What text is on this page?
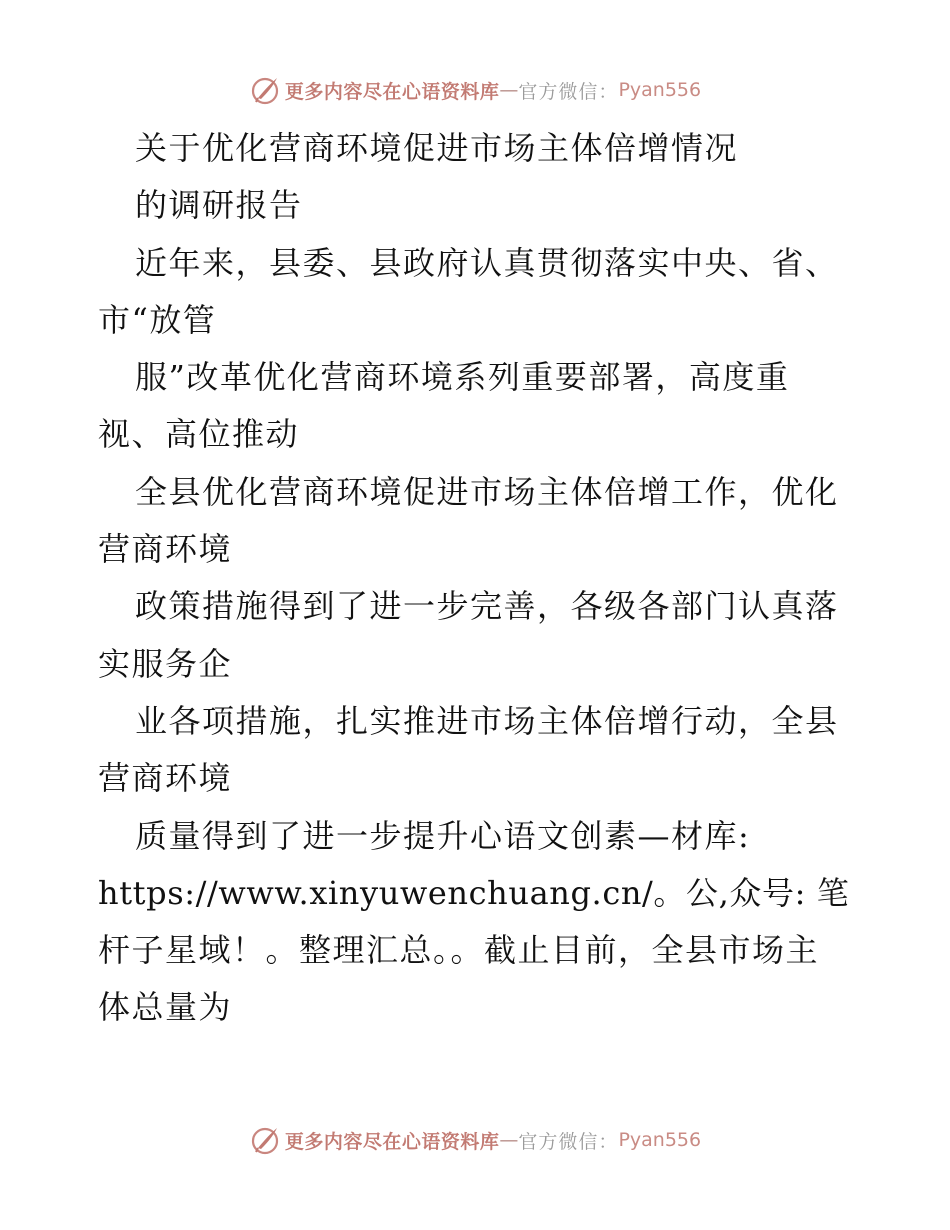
更多内容尽在心语资料库 — 官方微信： Pyan556
关于优化营商环境促进市场主体倍增情况
的调研报告
近年来，县委、县政府认真贯彻落实中央、省、
市“放管
服”改革优化营商环境系列重要部署，高度重
视、高位推动
全县优化营商环境促进市场主体倍增工作，优化
营商环境
政策措施得到了进一步完善，各级各部门认真落
实服务企
业各项措施，扎实推进市场主体倍增行动，全县
营商环境
质量得到了进一步提升心语文创素—材库:
https://www.xinyuwenchuang.cn/。公,众号: 笔
杆子星域！。整理汇总。。截止目前，全县市场主
体总量为
更多内容尽在心语资料库 — 官方微信： Pyan556
